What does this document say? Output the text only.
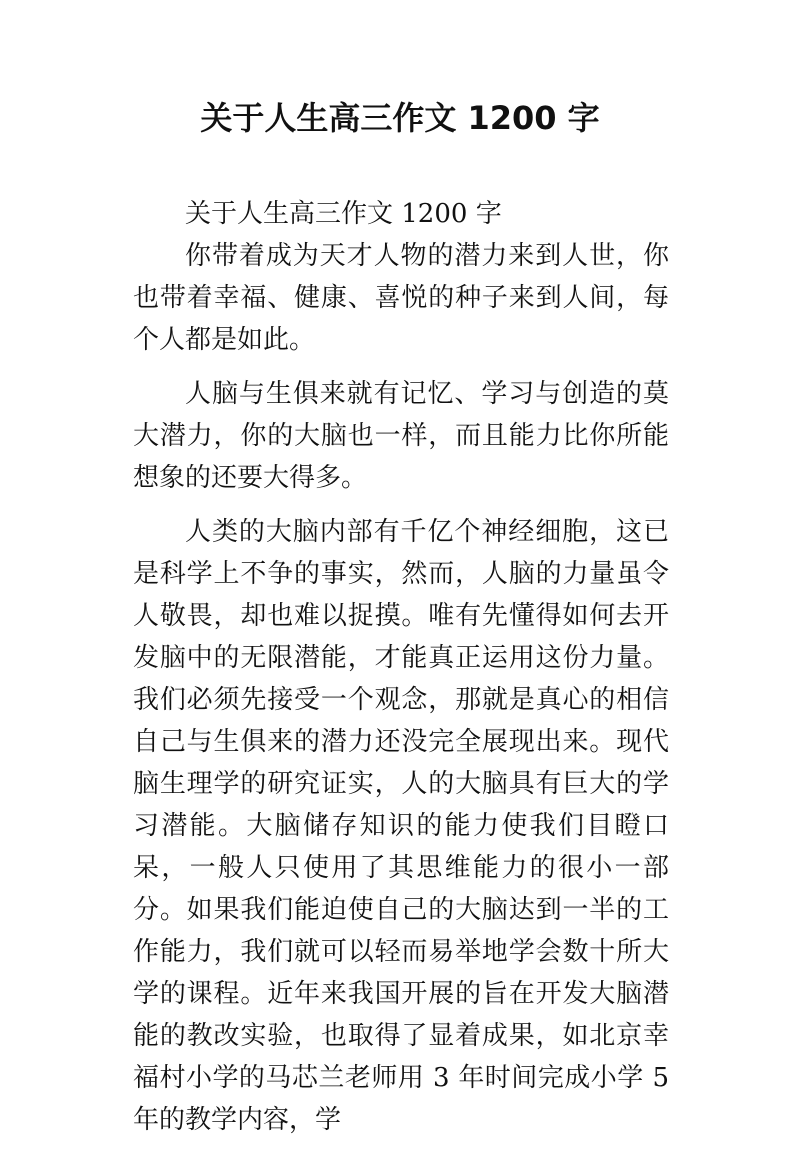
关于人生高三作文 1200 字

关于人生高三作文 1200 字

你带着成为天才人物的潜力来到人世，你也带着幸福、健康、喜悦的种子来到人间，每个人都是如此。

人脑与生俱来就有记忆、学习与创造的莫大潜力，你的大脑也一样，而且能力比你所能想象的还要大得多。

人类的大脑内部有千亿个神经细胞，这已是科学上不争的事实，然而，人脑的力量虽令人敬畏，却也难以捉摸。唯有先懂得如何去开发脑中的无限潜能，才能真正运用这份力量。我们必须先接受一个观念，那就是真心的相信自己与生俱来的潜力还没完全展现出来。现代脑生理学的研究证实，人的大脑具有巨大的学习潜能。大脑储存知识的能力使我们目瞪口呆，一般人只使用了其思维能力的很小一部分。如果我们能迫使自己的大脑达到一半的工作能力，我们就可以轻而易举地学会数十所大学的课程。近年来我国开展的旨在开发大脑潜能的教改实验，也取得了显着成果，如北京幸福村小学的马芯兰老师用 3 年时间完成小学 5 年的教学内容，学
